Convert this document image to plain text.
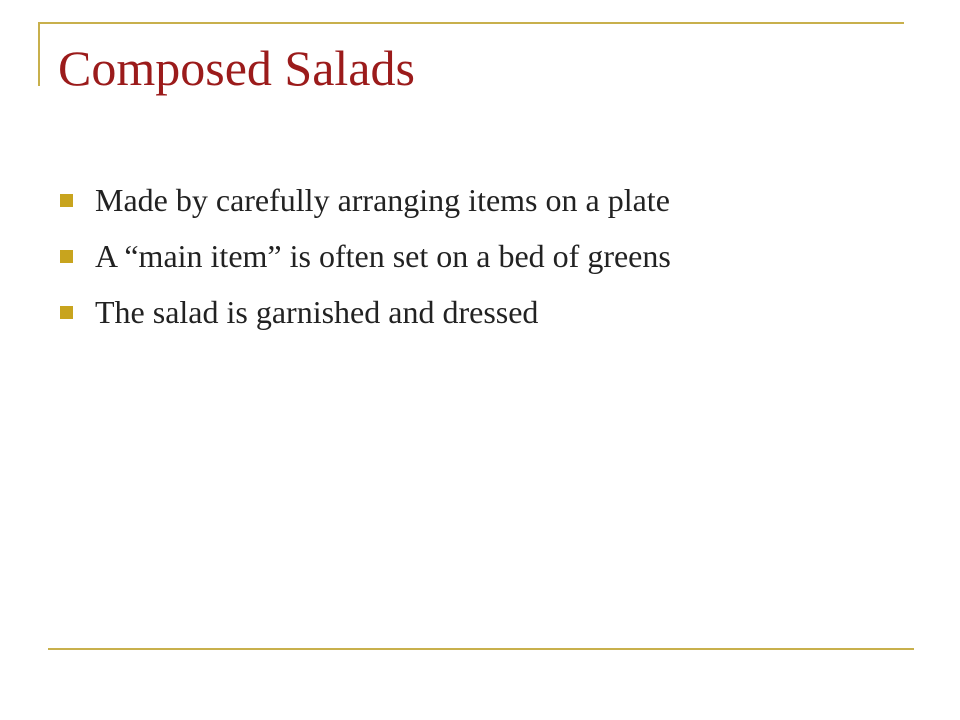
Composed Salads
Made by carefully arranging items on a plate
A “main item” is often set on a bed of greens
The salad is garnished and dressed
